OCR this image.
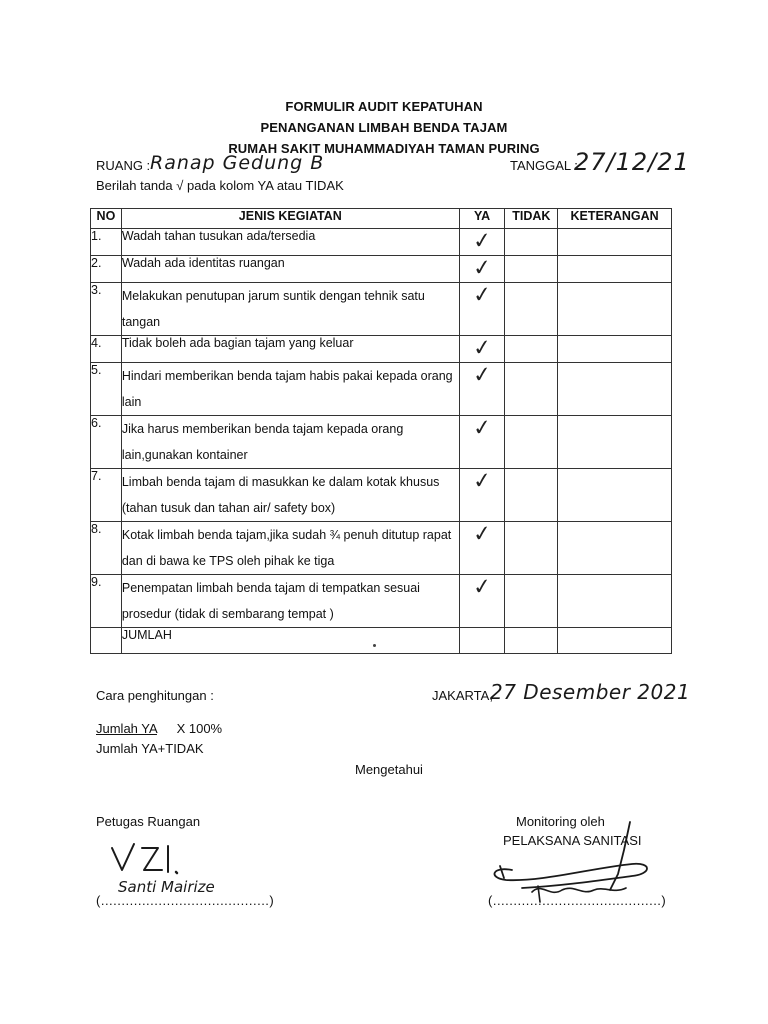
FORMULIR AUDIT KEPATUHAN
PENANGANAN LIMBAH BENDA TAJAM
RUMAH SAKIT MUHAMMADIYAH TAMAN PURING
RUANG : Ranap Gedung B	TANGGAL :
27/12/21
Berilah tanda √ pada kolom YA atau TIDAK
NO	JENIS KEGIATAN	YA	TIDAK	KETERANGAN
1.	Wadah tahan tusukan ada/tersedia	✓		
2.	Wadah ada identitas ruangan	✓		
3.	Melakukan penutupan jarum suntik dengan tehnik satu tangan	✓		
4.	Tidak boleh ada bagian tajam yang keluar	✓		
5.	Hindari memberikan benda tajam habis pakai kepada orang lain	✓		
6.	Jika harus memberikan benda tajam kepada orang lain,gunakan kontainer	✓		
7.	Limbah benda tajam di masukkan ke dalam kotak khusus (tahan tusuk dan tahan air/ safety box)	✓		
8.	Kotak limbah benda tajam,jika sudah ¾ penuh ditutup rapat dan di bawa ke TPS oleh pihak ke tiga	✓		
9.	Penempatan limbah benda tajam di tempatkan sesuai prosedur (tidak di sembarang tempat )	✓		
	JUMLAH			
Cara penghitungan :	JAKARTA,
27 Desember 2021
Jumlah YA X 100%
Jumlah YA+TIDAK
Mengetahui
Petugas Ruangan
Santi Mairize
(.........................................)
Monitoring oleh
PELAKSANA SANITASI
(.........................................)
